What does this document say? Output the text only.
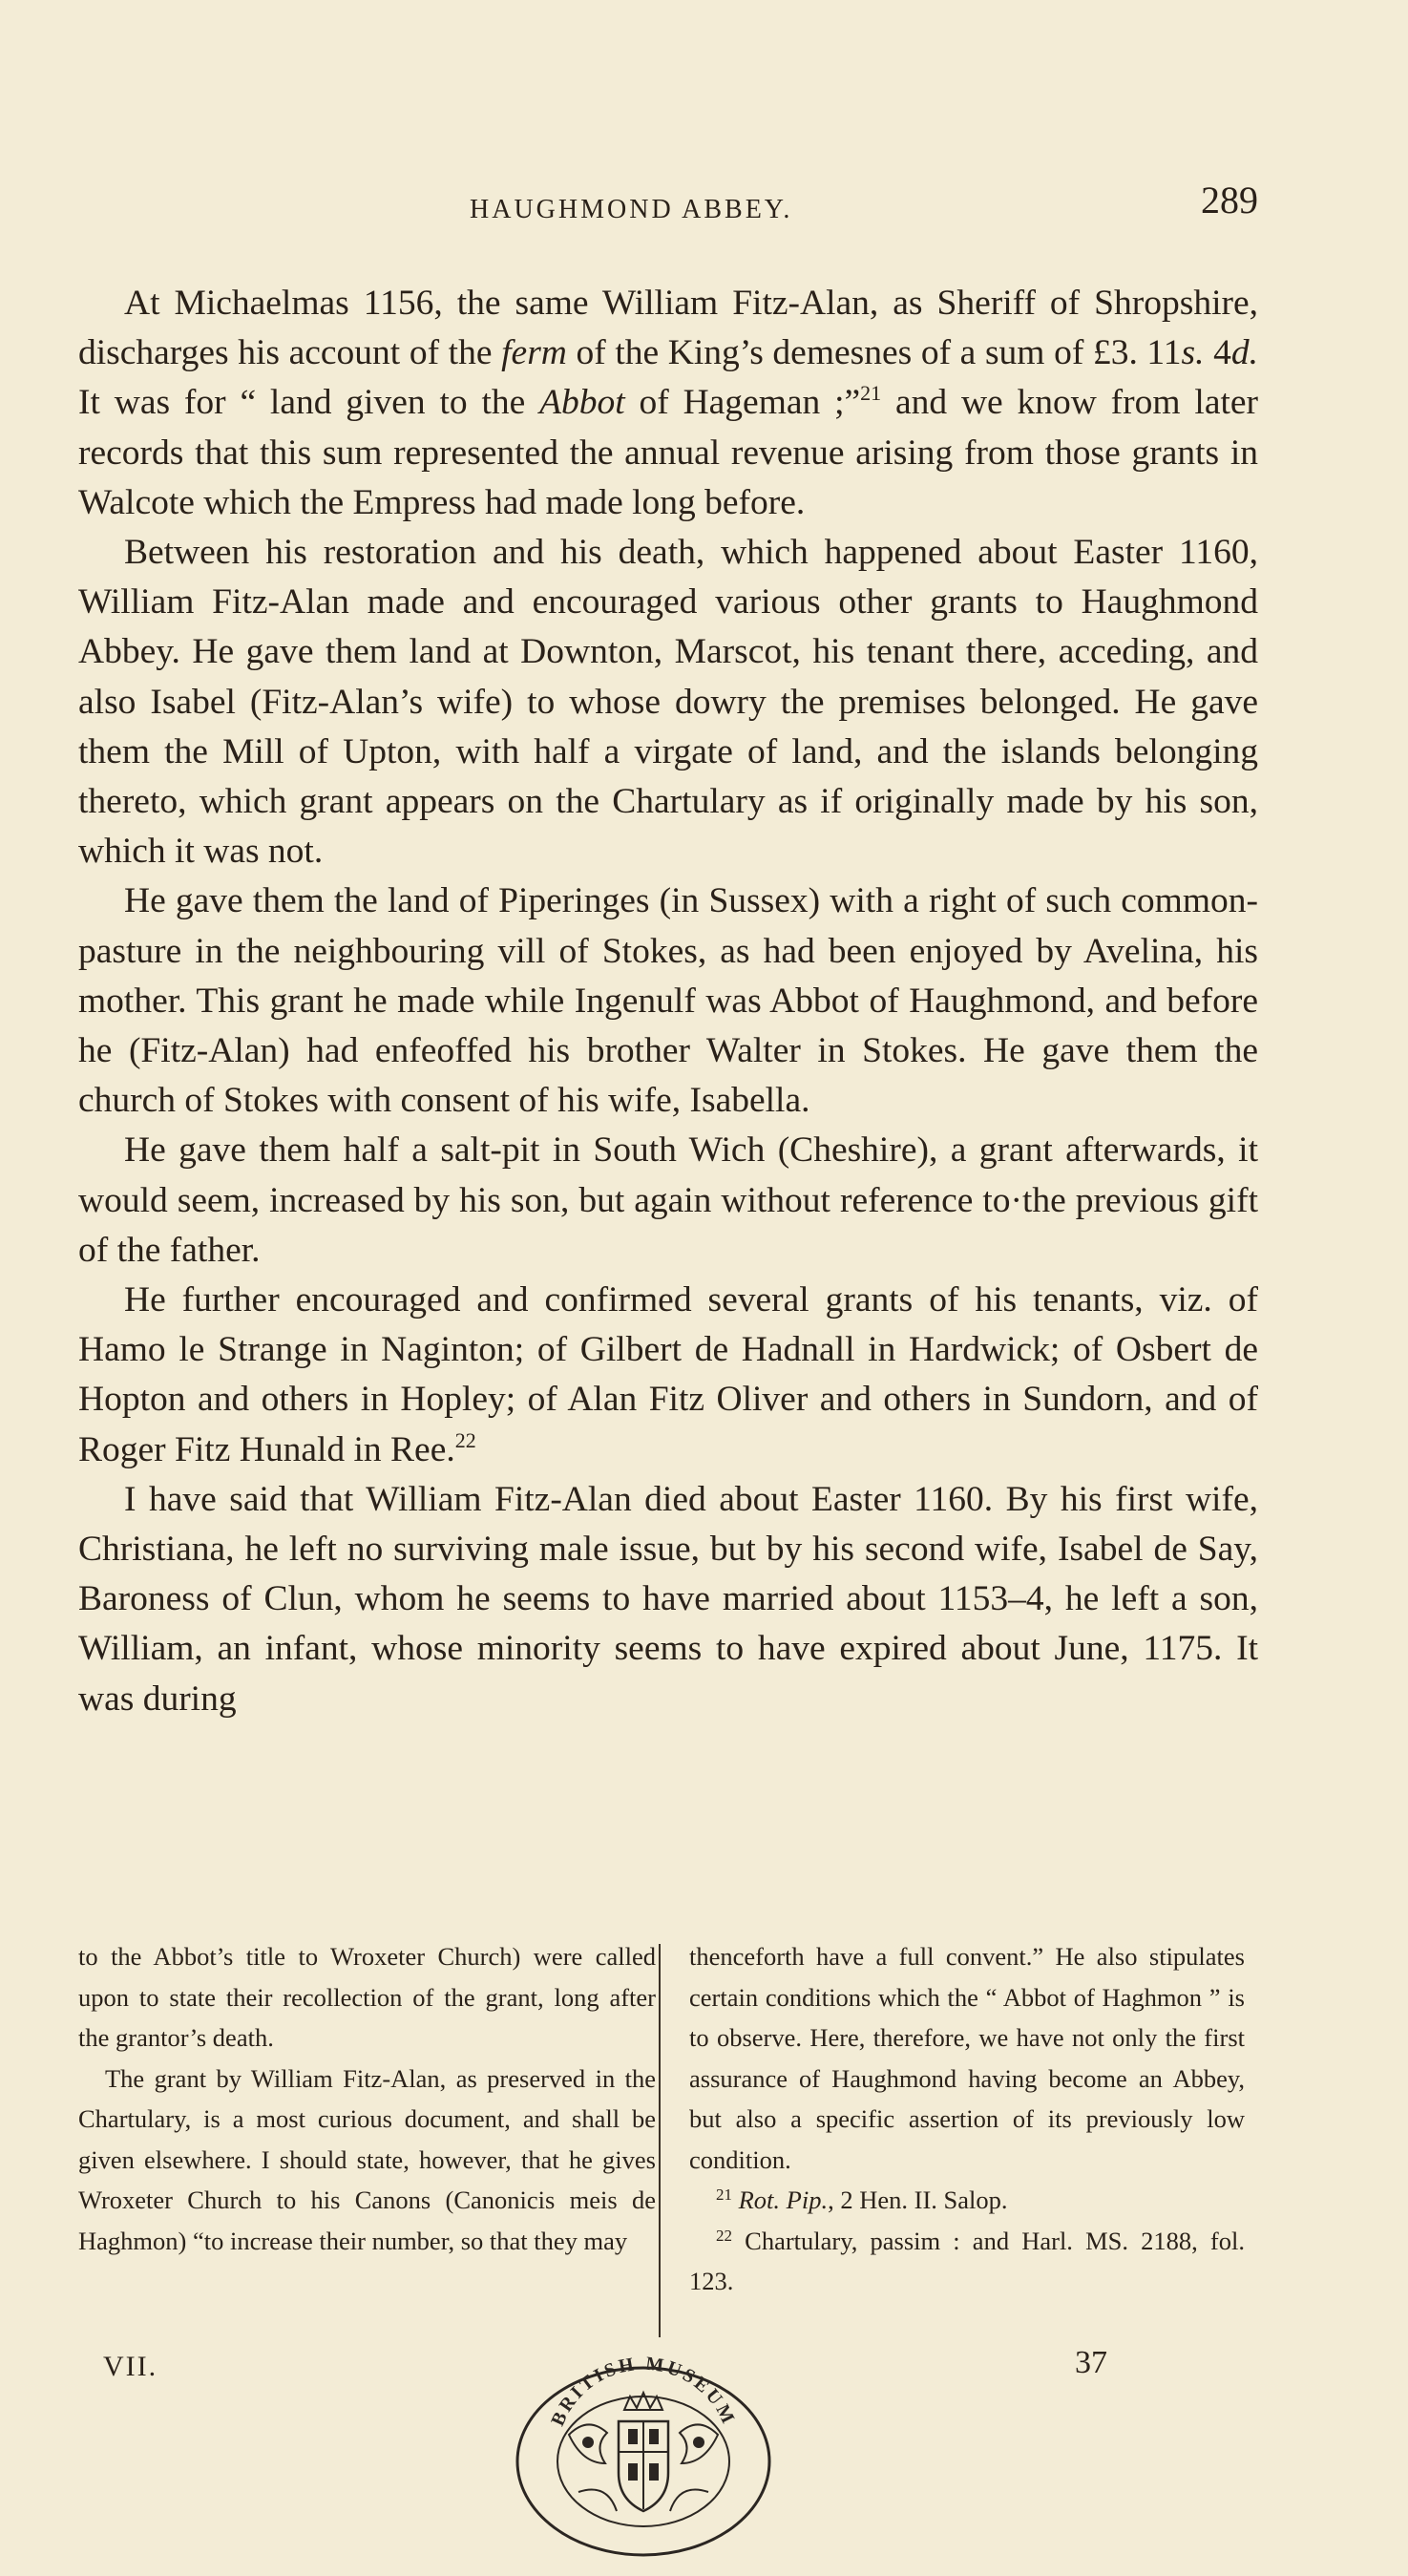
HAUGHMOND ABBEY.	289

At Michaelmas 1156, the same William Fitz-Alan, as Sheriff of Shropshire, discharges his account of the ferm of the King’s demesnes of a sum of £3. 11s. 4d. It was for “ land given to the Abbot of Hageman ;”$^{21}$ and we know from later records that this sum represented the annual revenue arising from those grants in Walcote which the Empress had made long before.

Between his restoration and his death, which happened about Easter 1160, William Fitz-Alan made and encouraged various other grants to Haughmond Abbey. He gave them land at Downton, Marscot, his tenant there, acceding, and also Isabel (Fitz-Alan’s wife) to whose dowry the premises belonged. He gave them the Mill of Upton, with half a virgate of land, and the islands belonging thereto, which grant appears on the Chartulary as if originally made by his son, which it was not.

He gave them the land of Piperinges (in Sussex) with a right of such common-pasture in the neighbouring vill of Stokes, as had been enjoyed by Avelina, his mother. This grant he made while Ingenulf was Abbot of Haughmond, and before he (Fitz-Alan) had enfeoffed his brother Walter in Stokes. He gave them the church of Stokes with consent of his wife, Isabella.

He gave them half a salt-pit in South Wich (Cheshire), a grant afterwards, it would seem, increased by his son, but again without reference to·the previous gift of the father.

He further encouraged and confirmed several grants of his tenants, viz. of Hamo le Strange in Naginton; of Gilbert de Hadnall in Hardwick; of Osbert de Hopton and others in Hopley; of Alan Fitz Oliver and others in Sundorn, and of Roger Fitz Hunald in Ree.$^{22}$

I have said that William Fitz-Alan died about Easter 1160. By his first wife, Christiana, he left no surviving male issue, but by his second wife, Isabel de Say, Baroness of Clun, whom he seems to have married about 1153–4, he left a son, William, an infant, whose minority seems to have expired about June, 1175. It was during

to the Abbot’s title to Wroxeter Church) were called upon to state their recollection of the grant, long after the grantor’s death.

The grant by William Fitz-Alan, as preserved in the Chartulary, is a most curious document, and shall be given elsewhere. I should state, however, that he gives Wroxeter Church to his Canons (Canonicis meis de Haghmon) “to increase their number, so that they may

thenceforth have a full convent.” He also stipulates certain conditions which the “ Abbot of Haghmon ” is to observe. Here, therefore, we have not only the first assurance of Haughmond having become an Abbey, but also a specific assertion of its previously low condition.

$^{21}$ Rot. Pip., 2 Hen. II. Salop.

$^{22}$ Chartulary, passim : and Harl. MS. 2188, fol. 123.

VII.	37
BRITISH MUSEUM
